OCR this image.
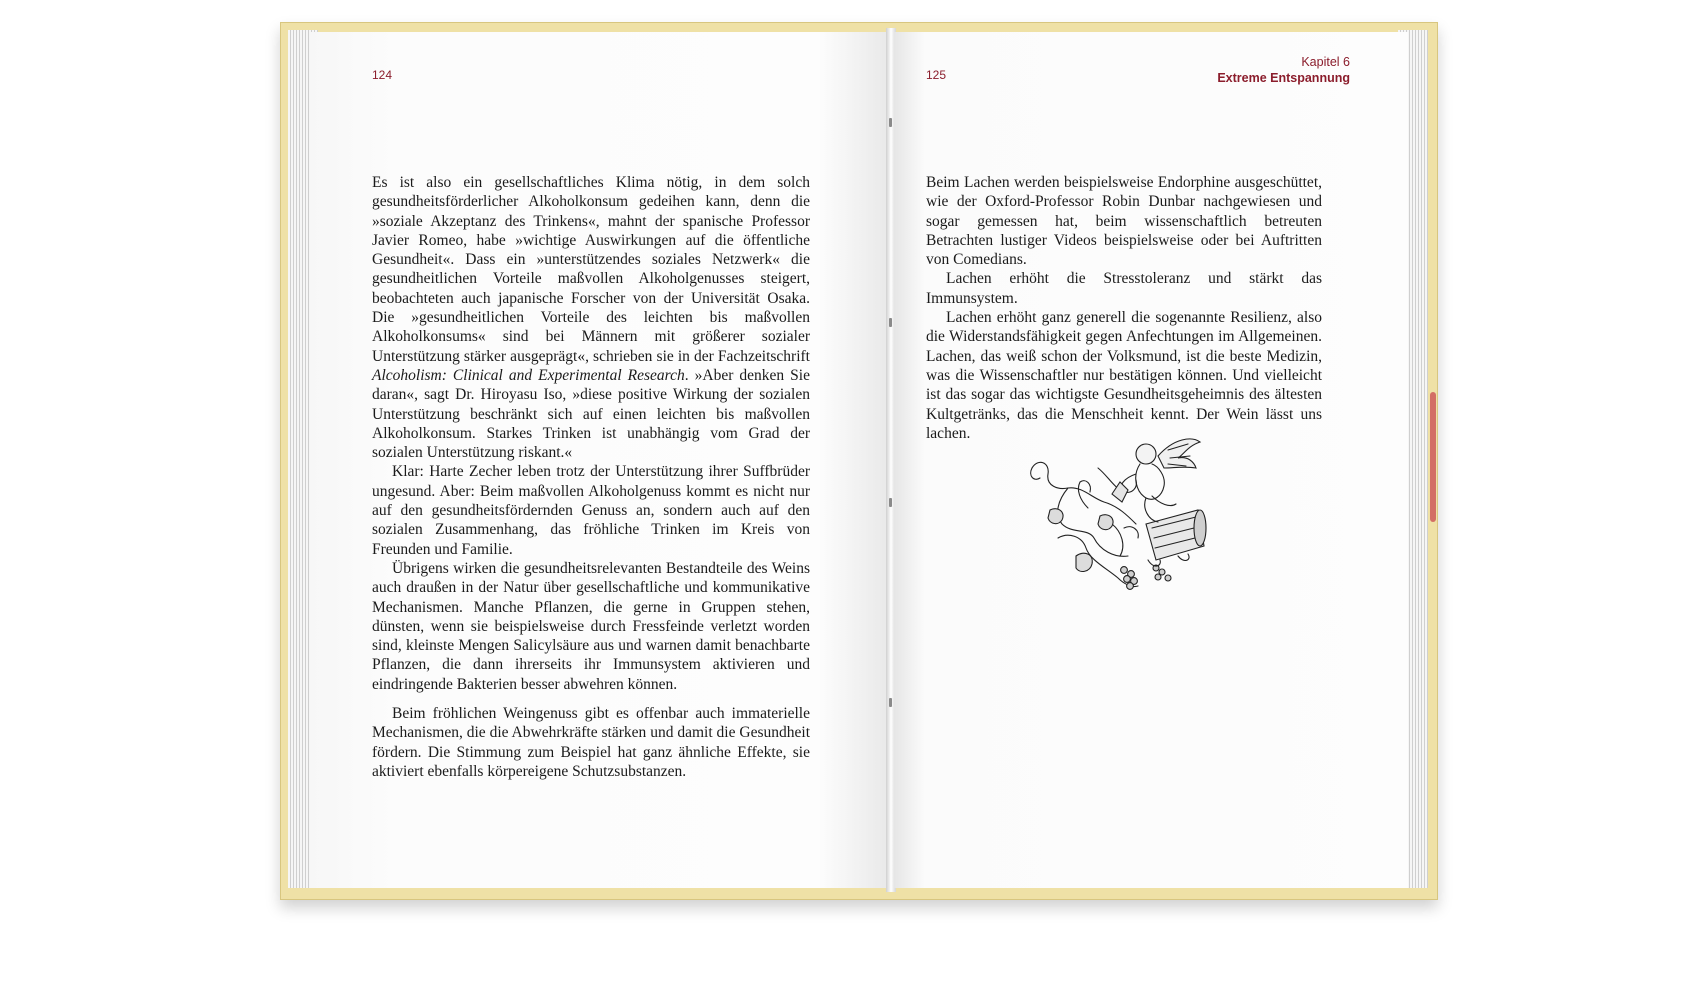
124

Es ist also ein gesellschaftliches Klima nötig, in dem solch gesundheitsförderlicher Alkoholkonsum gedeihen kann, denn die »soziale Akzeptanz des Trinkens«, mahnt der spanische Professor Javier Romeo, habe »wichtige Auswirkungen auf die öffentliche Gesundheit«. Dass ein »unterstützendes soziales Netzwerk« die gesundheitlichen Vorteile maßvollen Alkoholgenusses steigert, beobachteten auch japanische Forscher von der Universität Osaka. Die »gesundheitlichen Vorteile des leichten bis maßvollen Alkoholkonsums« sind bei Männern mit größerer sozialer Unterstützung stärker ausgeprägt«, schrieben sie in der Fachzeitschrift Alcoholism: Clinical and Experimental Research. »Aber denken Sie daran«, sagt Dr. Hiroyasu Iso, »diese positive Wirkung der sozialen Unterstützung beschränkt sich auf einen leichten bis maßvollen Alkoholkonsum. Starkes Trinken ist unabhängig vom Grad der sozialen Unterstützung riskant.«

Klar: Harte Zecher leben trotz der Unterstützung ihrer Suffbrüder ungesund. Aber: Beim maßvollen Alkoholgenuss kommt es nicht nur auf den gesundheitsfördernden Genuss an, sondern auch auf den sozialen Zusammenhang, das fröhliche Trinken im Kreis von Freunden und Familie.

Übrigens wirken die gesundheitsrelevanten Bestandteile des Weins auch draußen in der Natur über gesellschaftliche und kommunikative Mechanismen. Manche Pflanzen, die gerne in Gruppen stehen, dünsten, wenn sie beispielsweise durch Fressfeinde verletzt worden sind, kleinste Mengen Salicylsäure aus und warnen damit benachbarte Pflanzen, die dann ihrerseits ihr Immunsystem aktivieren und eindringende Bakterien besser abwehren können.

Beim fröhlichen Weingenuss gibt es offenbar auch immaterielle Mechanismen, die die Abwehrkräfte stärken und damit die Gesundheit fördern. Die Stimmung zum Beispiel hat ganz ähnliche Effekte, sie aktiviert ebenfalls körpereigene Schutzsubstanzen.

125
Kapitel 6
Extreme Entspannung

Beim Lachen werden beispielsweise Endorphine ausgeschüttet, wie der Oxford-Professor Robin Dunbar nachgewiesen und sogar gemessen hat, beim wissenschaftlich betreuten Betrachten lustiger Videos beispielsweise oder bei Auftritten von Comedians.

Lachen erhöht die Stresstoleranz und stärkt das Immunsystem.

Lachen erhöht ganz generell die sogenannte Resilienz, also die Widerstandsfähigkeit gegen Anfechtungen im Allgemeinen. Lachen, das weiß schon der Volksmund, ist die beste Medizin, was die Wissenschaftler nur bestätigen können. Und vielleicht ist das sogar das wichtigste Gesundheitsgeheimnis des ältesten Kultgetränks, das die Menschheit kennt. Der Wein lässt uns lachen.
